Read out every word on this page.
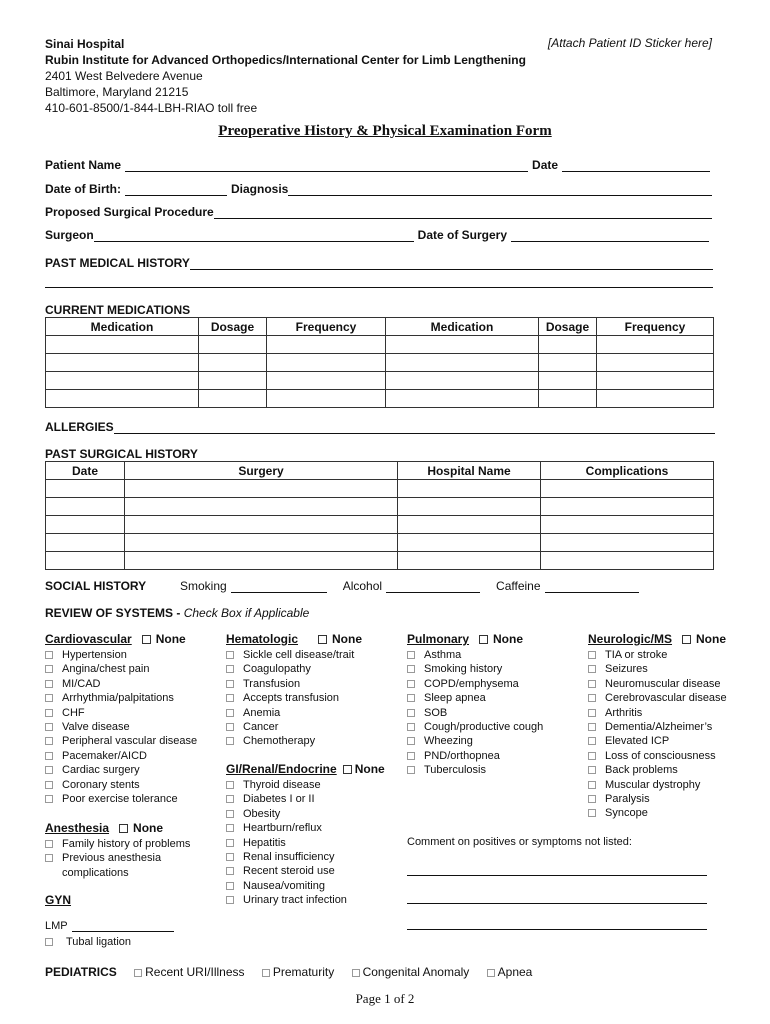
Sinai Hospital
Rubin Institute for Advanced Orthopedics/International Center for Limb Lengthening
2401 West Belvedere Avenue
Baltimore, Maryland 21215
410-601-8500/1-844-LBH-RIAO toll free
[Attach Patient ID Sticker here]
Preoperative History & Physical Examination Form
Patient Name	Date
Date of Birth:	Diagnosis
Proposed Surgical Procedure
Surgeon	Date of Surgery
PAST MEDICAL HISTORY
CURRENT MEDICATIONS
Medication	Dosage	Frequency	Medication	Dosage	Frequency

ALLERGIES
PAST SURGICAL HISTORY
Date	Surgery	Hospital Name	Complications

SOCIAL HISTORY	Smoking	Alcohol	Caffeine
REVIEW OF SYSTEMS - Check Box if Applicable
Cardiovascular None
Hypertension
Angina/chest pain
MI/CAD
Arrhythmia/palpitations
CHF
Valve disease
Peripheral vascular disease
Pacemaker/AICD
Cardiac surgery
Coronary stents
Poor exercise tolerance
Anesthesia None
Family history of problems
Previous anesthesia
complications
GYN
LMP
Tubal ligation
Hematologic	None
Sickle cell disease/trait
Coagulopathy
Transfusion
Accepts transfusion
Anemia
Cancer
Chemotherapy
GI/Renal/Endocrine None
Thyroid disease
Diabetes I or II
Obesity
Heartburn/reflux
Hepatitis
Renal insufficiency
Recent steroid use
Nausea/vomiting
Urinary tract infection
Pulmonary None
Asthma
Smoking history
COPD/emphysema
Sleep apnea
SOB
Cough/productive cough
Wheezing
PND/orthopnea
Tuberculosis
Neurologic/MS None
TIA or stroke
Seizures
Neuromuscular disease
Cerebrovascular disease
Arthritis
Dementia/Alzheimer’s
Elevated ICP
Loss of consciousness
Back problems
Muscular dystrophy
Paralysis
Syncope
Comment on positives or symptoms not listed:
PEDIATRICS Recent URI/Illness Prematurity Congenital Anomaly Apnea
Page 1 of 2
